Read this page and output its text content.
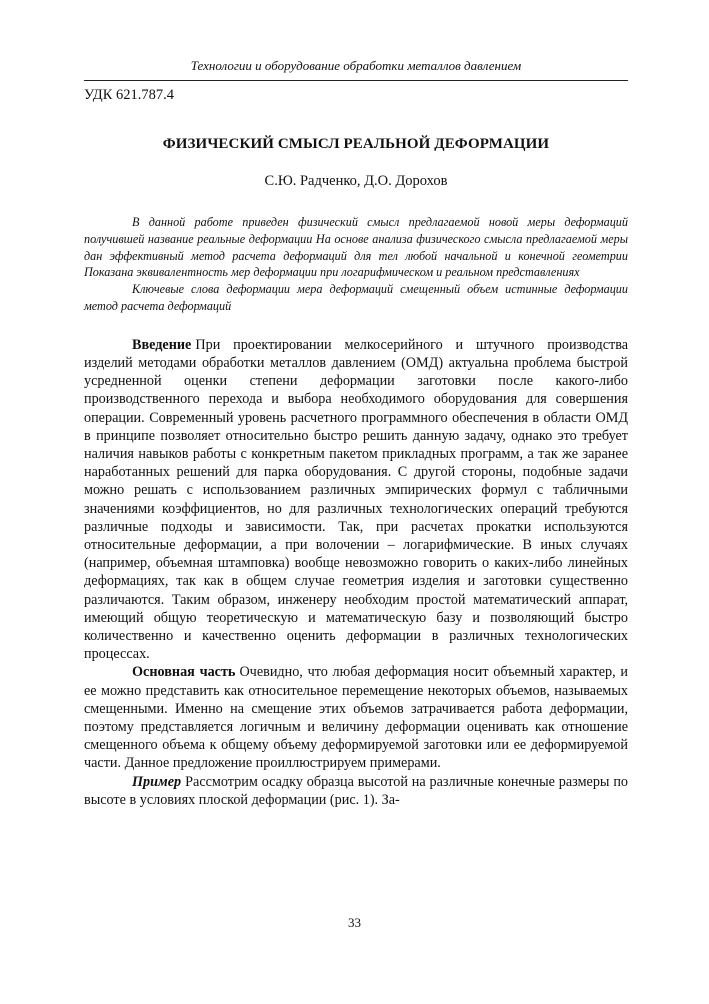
Технологии и оборудование обработки металлов давлением
УДК 621.787.4
ФИЗИЧЕСКИЙ СМЫСЛ РЕАЛЬНОЙ ДЕФОРМАЦИИ
С.Ю. Радченко, Д.О. Дорохов

В данной работе приведен физический смысл предлагаемой новой меры деформаций получившей название реальные деформации На основе анализа физического смысла предлагаемой меры дан эффективный метод расчета деформаций для тел любой начальной и конечной геометрии Показана эквивалентность мер деформации при логарифмическом и реальном представлениях

Ключевые слова деформации мера деформаций смещенный объем истинные деформации метод расчета деформаций

Введение При проектировании мелкосерийного и штучного производства изделий методами обработки металлов давлением (ОМД) актуальна проблема быстрой усредненной оценки степени деформации заготовки после какого-либо производственного перехода и выбора необходимого оборудования для совершения операции. Современный уровень расчетного программного обеспечения в области ОМД в принципе позволяет относительно быстро решить данную задачу, однако это требует наличия навыков работы с конкретным пакетом прикладных программ, а так же заранее наработанных решений для парка оборудования. С другой стороны, подобные задачи можно решать с использованием различных эмпирических формул с табличными значениями коэффициентов, но для различных технологических операций требуются различные подходы и зависимости. Так, при расчетах прокатки используются относительные деформации, а при волочении – логарифмические. В иных случаях (например, объемная штамповка) вообще невозможно говорить о каких-либо линейных деформациях, так как в общем случае геометрия изделия и заготовки существенно различаются. Таким образом, инженеру необходим простой математический аппарат, имеющий общую теоретическую и математическую базу и позволяющий быстро количественно и качественно оценить деформации в различных технологических процессах.

Основная часть Очевидно, что любая деформация носит объемный характер, и ее можно представить как относительное перемещение некоторых объемов, называемых смещенными. Именно на смещение этих объемов затрачивается работа деформации, поэтому представляется логичным и величину деформации оценивать как отношение смещенного объема к общему объему деформируемой заготовки или ее деформируемой части. Данное предложение проиллюстрируем примерами.

Пример Рассмотрим осадку образца высотой на различные конечные размеры по высоте в условиях плоской деформации (рис. 1). За-

33
